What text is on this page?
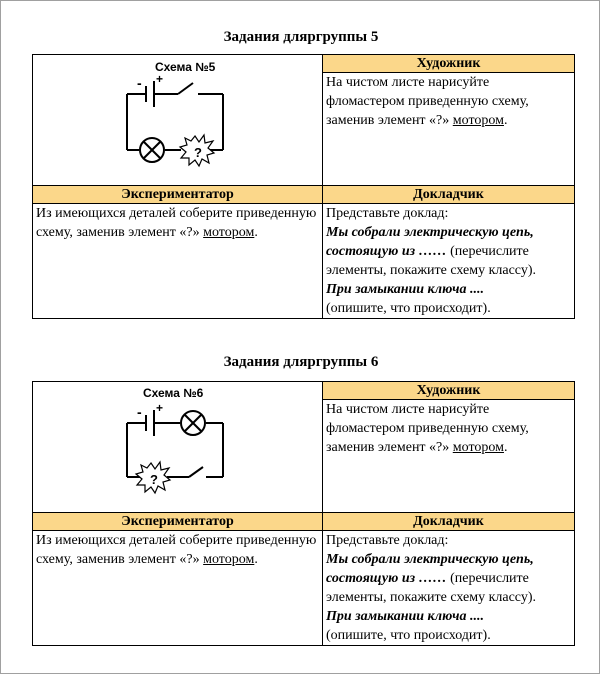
Задания дляргруппы 5
Схема №5
- +
?	Художник
	На чистом листе нарисуйте фломастером приведенную схему, заменив элемент «?» мотором.
Экспериментатор	Докладчик
Из имеющихся деталей соберите приведенную схему, заменив элемент «?» мотором.	Представьте доклад:
Мы собрали электрическую цепь, состоящую из …… (перечислите элементы, покажите схему классу).
При замыкании ключа ....
(опишите, что происходит).
Задания дляргруппы 6
Схема №6
- +
?	Художник
	На чистом листе нарисуйте фломастером приведенную схему, заменив элемент «?» мотором.
Экспериментатор	Докладчик
Из имеющихся деталей соберите приведенную схему, заменив элемент «?» мотором.	Представьте доклад:
Мы собрали электрическую цепь, состоящую из …… (перечислите элементы, покажите схему классу).
При замыкании ключа ....
(опишите, что происходит).
